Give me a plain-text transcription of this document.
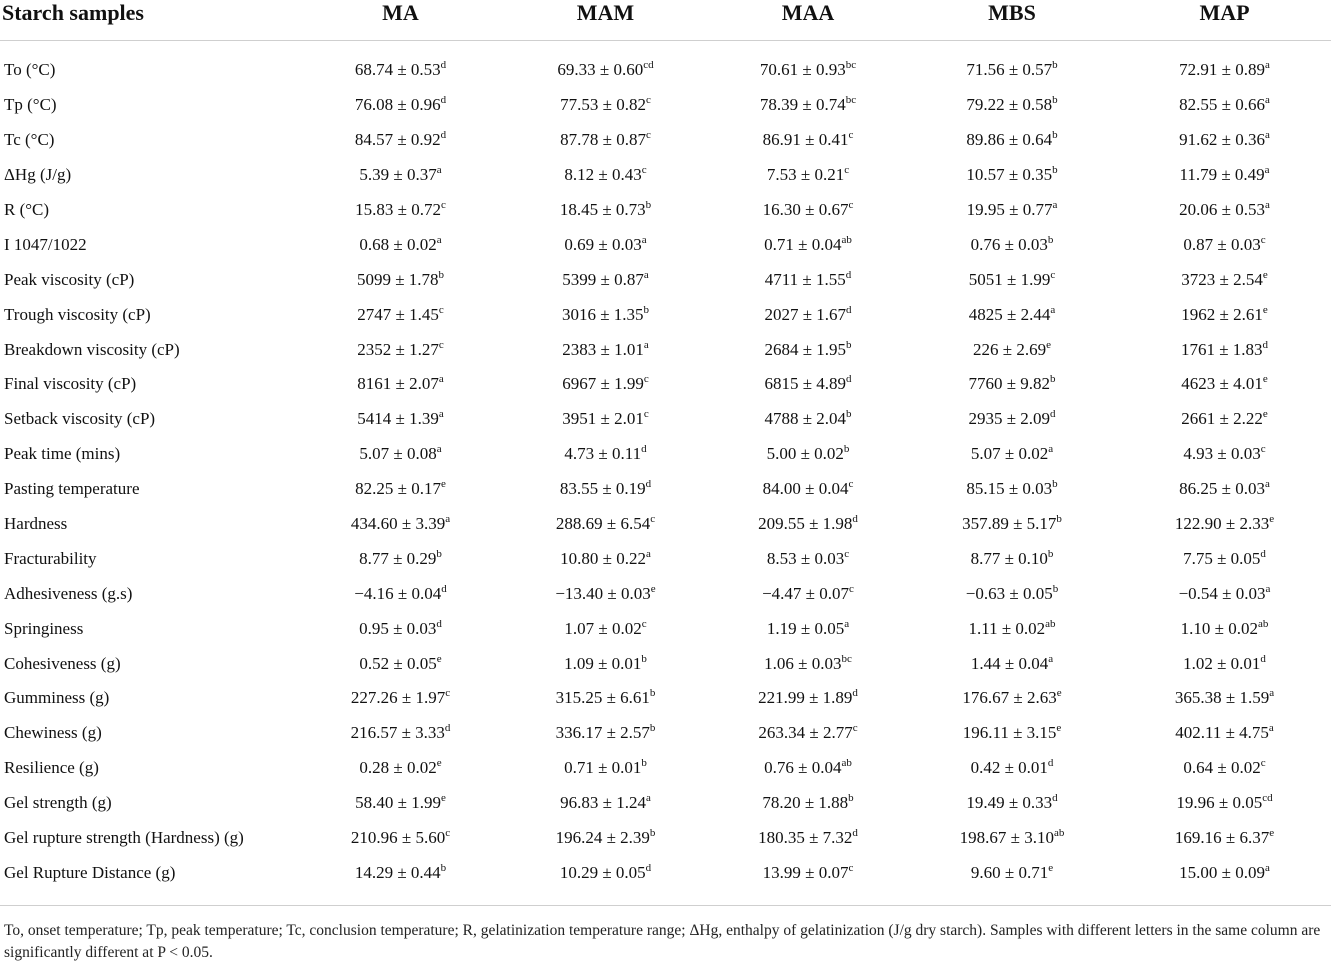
Starch samples	MA	MAM	MAA	MBS	MAP

To (°C)	68.74 ± 0.53$^d$	69.33 ± 0.60$^{cd}$	70.61 ± 0.93$^{bc}$	71.56 ± 0.57$^b$	72.91 ± 0.89$^a$
Tp (°C)	76.08 ± 0.96$^d$	77.53 ± 0.82$^c$	78.39 ± 0.74$^{bc}$	79.22 ± 0.58$^b$	82.55 ± 0.66$^a$
Tc (°C)	84.57 ± 0.92$^d$	87.78 ± 0.87$^c$	86.91 ± 0.41$^c$	89.86 ± 0.64$^b$	91.62 ± 0.36$^a$
ΔHg (J/g)	5.39 ± 0.37$^a$	8.12 ± 0.43$^c$	7.53 ± 0.21$^c$	10.57 ± 0.35$^b$	11.79 ± 0.49$^a$
R (°C)	15.83 ± 0.72$^c$	18.45 ± 0.73$^b$	16.30 ± 0.67$^c$	19.95 ± 0.77$^a$	20.06 ± 0.53$^a$
I 1047/1022	0.68 ± 0.02$^a$	0.69 ± 0.03$^a$	0.71 ± 0.04$^{ab}$	0.76 ± 0.03$^b$	0.87 ± 0.03$^c$
Peak viscosity (cP)	5099 ± 1.78$^b$	5399 ± 0.87$^a$	4711 ± 1.55$^d$	5051 ± 1.99$^c$	3723 ± 2.54$^e$
Trough viscosity (cP)	2747 ± 1.45$^c$	3016 ± 1.35$^b$	2027 ± 1.67$^d$	4825 ± 2.44$^a$	1962 ± 2.61$^e$
Breakdown viscosity (cP)	2352 ± 1.27$^c$	2383 ± 1.01$^a$	2684 ± 1.95$^b$	226 ± 2.69$^e$	1761 ± 1.83$^d$
Final viscosity (cP)	8161 ± 2.07$^a$	6967 ± 1.99$^c$	6815 ± 4.89$^d$	7760 ± 9.82$^b$	4623 ± 4.01$^e$
Setback viscosity (cP)	5414 ± 1.39$^a$	3951 ± 2.01$^c$	4788 ± 2.04$^b$	2935 ± 2.09$^d$	2661 ± 2.22$^e$
Peak time (mins)	5.07 ± 0.08$^a$	4.73 ± 0.11$^d$	5.00 ± 0.02$^b$	5.07 ± 0.02$^a$	4.93 ± 0.03$^c$
Pasting temperature	82.25 ± 0.17$^e$	83.55 ± 0.19$^d$	84.00 ± 0.04$^c$	85.15 ± 0.03$^b$	86.25 ± 0.03$^a$
Hardness	434.60 ± 3.39$^a$	288.69 ± 6.54$^c$	209.55 ± 1.98$^d$	357.89 ± 5.17$^b$	122.90 ± 2.33$^e$
Fracturability	8.77 ± 0.29$^b$	10.80 ± 0.22$^a$	8.53 ± 0.03$^c$	8.77 ± 0.10$^b$	7.75 ± 0.05$^d$
Adhesiveness (g.s)	−4.16 ± 0.04$^d$	−13.40 ± 0.03$^e$	−4.47 ± 0.07$^c$	−0.63 ± 0.05$^b$	−0.54 ± 0.03$^a$
Springiness	0.95 ± 0.03$^d$	1.07 ± 0.02$^c$	1.19 ± 0.05$^a$	1.11 ± 0.02$^{ab}$	1.10 ± 0.02$^{ab}$
Cohesiveness (g)	0.52 ± 0.05$^e$	1.09 ± 0.01$^b$	1.06 ± 0.03$^{bc}$	1.44 ± 0.04$^a$	1.02 ± 0.01$^d$
Gumminess (g)	227.26 ± 1.97$^c$	315.25 ± 6.61$^b$	221.99 ± 1.89$^d$	176.67 ± 2.63$^e$	365.38 ± 1.59$^a$
Chewiness (g)	216.57 ± 3.33$^d$	336.17 ± 2.57$^b$	263.34 ± 2.77$^c$	196.11 ± 3.15$^e$	402.11 ± 4.75$^a$
Resilience (g)	0.28 ± 0.02$^e$	0.71 ± 0.01$^b$	0.76 ± 0.04$^{ab}$	0.42 ± 0.01$^d$	0.64 ± 0.02$^c$
Gel strength (g)	58.40 ± 1.99$^e$	96.83 ± 1.24$^a$	78.20 ± 1.88$^b$	19.49 ± 0.33$^d$	19.96 ± 0.05$^{cd}$
Gel rupture strength (Hardness) (g)	210.96 ± 5.60$^c$	196.24 ± 2.39$^b$	180.35 ± 7.32$^d$	198.67 ± 3.10$^{ab}$	169.16 ± 6.37$^e$
Gel Rupture Distance (g)	14.29 ± 0.44$^b$	10.29 ± 0.05$^d$	13.99 ± 0.07$^c$	9.60 ± 0.71$^e$	15.00 ± 0.09$^a$
To, onset temperature; Tp, peak temperature; Tc, conclusion temperature; R, gelatinization temperature range; ΔHg, enthalpy of gelatinization (J/g dry starch). Samples with different letters in the same column are significantly different at P < 0.05.
